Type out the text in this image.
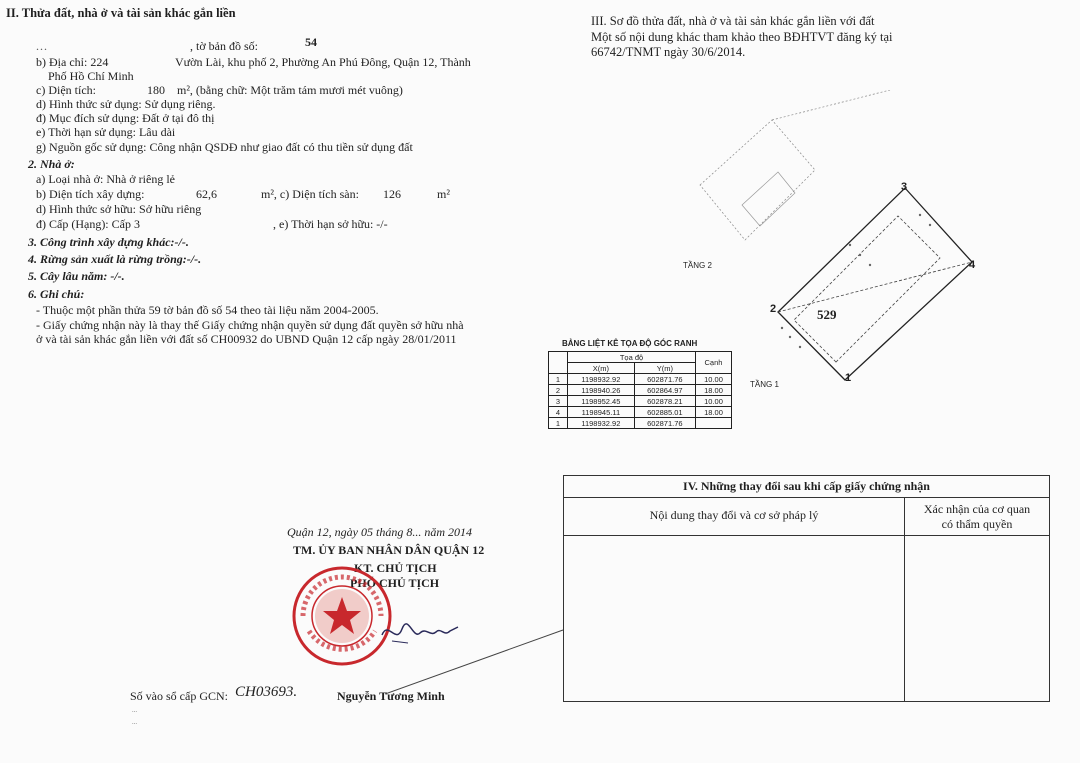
II. Thửa đất, nhà ở và tài sản khác gắn liền
...	, tờ bản đồ số:	54
b) Địa chỉ: 224	Vườn Lài, khu phố 2, Phường An Phú Đông, Quận 12, Thành
Phố Hồ Chí Minh
c) Diện tích:	180 m², (bằng chữ: Một trăm tám mươi mét vuông)
d) Hình thức sử dụng: Sử dụng riêng.
đ) Mục đích sử dụng: Đất ở tại đô thị
e) Thời hạn sử dụng: Lâu dài
g) Nguồn gốc sử dụng: Công nhận QSDĐ như giao đất có thu tiền sử dụng đất
2. Nhà ở:
a) Loại nhà ở: Nhà ở riêng lẻ
b) Diện tích xây dựng:	62,6	m², c) Diện tích sàn: 126	m²
d) Hình thức sở hữu: Sở hữu riêng
đ) Cấp (Hạng): Cấp 3	, e) Thời hạn sở hữu: -/-
3. Công trình xây dựng khác:-/-.
4. Rừng sản xuất là rừng trồng:-/-.
5. Cây lâu năm: -/-.
6. Ghi chú:
- Thuộc một phần thửa 59 tờ bản đồ số 54 theo tài liệu năm 2004-2005.
- Giấy chứng nhận này là thay thế Giấy chứng nhận quyền sử dụng đất quyền sở hữu nhà
ở và tài sản khác gắn liền với đất số CH00932 do UBND Quận 12 cấp ngày 28/01/2011
Quận 12, ngày 05 tháng 8... năm 2014
TM. ỦY BAN NHÂN DÂN QUẬN 12
KT. CHỦ TỊCH
PHÓ CHỦ TỊCH
Nguyễn Tương Minh
Số vào sổ cấp GCN: CH03693.
...
...
III. Sơ đồ thửa đất, nhà ở và tài sản khác gắn liền với đất
Một số nội dung khác tham khảo theo BĐHTVT đăng ký tại
66742/TNMT ngày 30/6/2014.
529
TẦNG 1
TẦNG 2
1
2
3
4
BẢNG LIỆT KÊ TỌA ĐỘ GÓC RANH
	Tọa độ		Cạnh
	X(m)	Y(m)	
1	1198932.92	602871.76	10.00
2	1198940.26	602864.97	18.00
3	1198952.45	602878.21	10.00
4	1198945.11	602885.01	18.00
1	1198932.92	602871.76	
IV. Những thay đổi sau khi cấp giấy chứng nhận	
Nội dung thay đổi và cơ sở pháp lý	Xác nhận của cơ quan
có thẩm quyền
